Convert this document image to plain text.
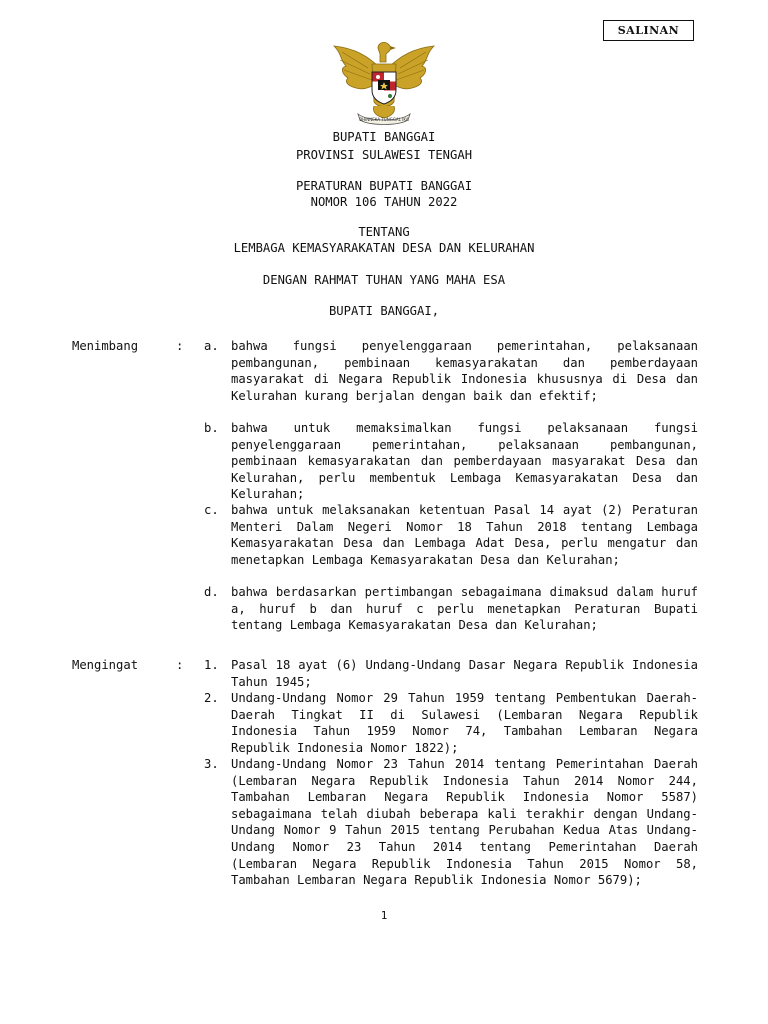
SALINAN
BHINNEKA TUNGGAL IKA
BUPATI BANGGAI
PROVINSI SULAWESI TENGAH
PERATURAN BUPATI BANGGAI
NOMOR 106 TAHUN 2022
TENTANG
LEMBAGA KEMASYARAKATAN DESA DAN KELURAHAN
DENGAN RAHMAT TUHAN YANG MAHA ESA
BUPATI BANGGAI,
Menimbang	: a. bahwa fungsi penyelenggaraan pemerintahan, pelaksanaan pembangunan, pembinaan kemasyarakatan dan pemberdayaan masyarakat di Negara Republik Indonesia khususnya di Desa dan Kelurahan kurang berjalan dengan baik dan efektif;
b. bahwa untuk memaksimalkan fungsi pelaksanaan fungsi penyelenggaraan pemerintahan, pelaksanaan pembangunan, pembinaan kemasyarakatan dan pemberdayaan masyarakat Desa dan Kelurahan, perlu membentuk Lembaga Kemasyarakatan Desa dan Kelurahan;
c. bahwa untuk melaksanakan ketentuan Pasal 14 ayat (2) Peraturan Menteri Dalam Negeri Nomor 18 Tahun 2018 tentang Lembaga Kemasyarakatan Desa dan Lembaga Adat Desa, perlu mengatur dan menetapkan Lembaga Kemasyarakatan Desa dan Kelurahan;
d. bahwa berdasarkan pertimbangan sebagaimana dimaksud dalam huruf a, huruf b dan huruf c perlu menetapkan Peraturan Bupati tentang Lembaga Kemasyarakatan Desa dan Kelurahan;
Mengingat	: 1. Pasal 18 ayat (6) Undang-Undang Dasar Negara Republik Indonesia Tahun 1945;
2. Undang-Undang Nomor 29 Tahun 1959 tentang Pembentukan Daerah-Daerah Tingkat II di Sulawesi (Lembaran Negara Republik Indonesia Tahun 1959 Nomor 74, Tambahan Lembaran Negara Republik Indonesia Nomor 1822);
3. Undang-Undang Nomor 23 Tahun 2014 tentang Pemerintahan Daerah (Lembaran Negara Republik Indonesia Tahun 2014 Nomor 244, Tambahan Lembaran Negara Republik Indonesia Nomor 5587) sebagaimana telah diubah beberapa kali terakhir dengan Undang-Undang Nomor 9 Tahun 2015 tentang Perubahan Kedua Atas Undang-Undang Nomor 23 Tahun 2014 tentang Pemerintahan Daerah (Lembaran Negara Republik Indonesia Tahun 2015 Nomor 58, Tambahan Lembaran Negara Republik Indonesia Nomor 5679);
1
